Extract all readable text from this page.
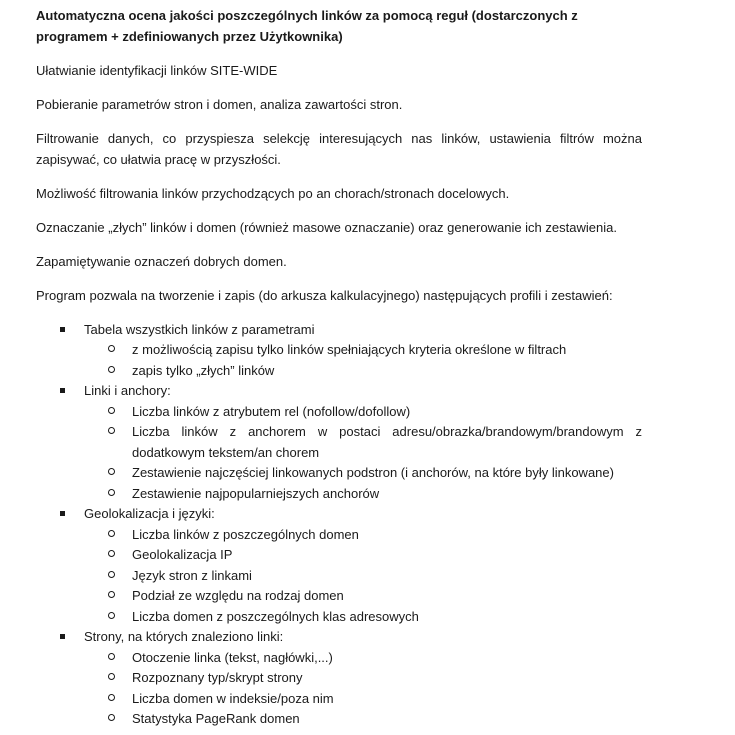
Automatyczna ocena jakości poszczególnych linków za pomocą reguł (dostarczonych z programem + zdefiniowanych przez Użytkownika)
Ułatwianie identyfikacji linków SITE-WIDE
Pobieranie parametrów stron i domen, analiza zawartości stron.
Filtrowanie danych, co przyspiesza selekcję interesujących nas linków, ustawienia filtrów można zapisywać, co ułatwia pracę w przyszłości.
Możliwość filtrowania linków przychodzących po an chorach/stronach docelowych.
Oznaczanie „złych” linków i domen (również masowe oznaczanie) oraz generowanie ich zestawienia.
Zapamiętywanie oznaczeń dobrych domen.
Program pozwala na tworzenie i zapis (do arkusza kalkulacyjnego) następujących profili i zestawień:
Tabela wszystkich linków z parametrami
z możliwością zapisu tylko linków spełniających kryteria określone w filtrach
zapis tylko „złych” linków
Linki i anchory:
Liczba linków z atrybutem rel (nofollow/dofollow)
Liczba linków z anchorem w postaci adresu/obrazka/brandowym/brandowym z dodatkowym tekstem/an chorem
Zestawienie najczęściej linkowanych podstron (i anchorów, na które były linkowane)
Zestawienie najpopularniejszych anchorów
Geolokalizacja i języki:
Liczba linków z poszczególnych domen
Geolokalizacja IP
Język stron z linkami
Podział ze względu na rodzaj domen
Liczba domen z poszczególnych klas adresowych
Strony, na których znaleziono linki:
Otoczenie linka (tekst, nagłówki,...)
Rozpoznany typ/skrypt strony
Liczba domen w indeksie/poza nim
Statystyka PageRank domen
